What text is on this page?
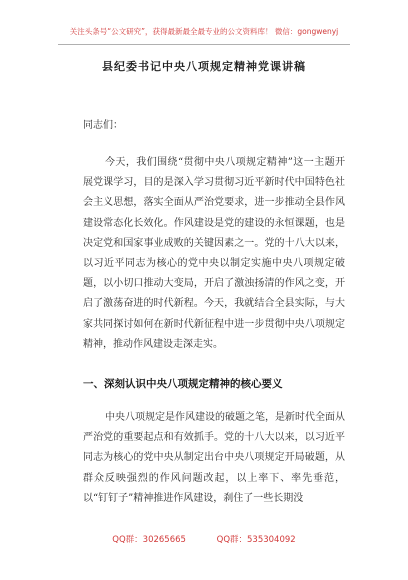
关注头条号“公文研究”，获得最新最全最专业的公文资料库！ 微信：gongwenyj
县纪委书记中央八项规定精神党课讲稿
同志们：
今天，我们围绕“贯彻中央八项规定精神”这一主题开展党课学习，目的是深入学习贯彻习近平新时代中国特色社会主义思想，落实全面从严治党要求，进一步推动全县作风建设常态化长效化。作风建设是党的建设的永恒课题，也是决定党和国家事业成败的关键因素之一。党的十八大以来，以习近平同志为核心的党中央以制定实施中央八项规定破题，以小切口推动大变局，开启了激浊扬清的作风之变，开启了激荡奋进的时代新程。今天，我就结合全县实际，与大家共同探讨如何在新时代新征程中进一步贯彻中央八项规定精神，推动作风建设走深走实。
一、深刻认识中央八项规定精神的核心要义
中央八项规定是作风建设的破题之笔，是新时代全面从严治党的重要起点和有效抓手。党的十八大以来，以习近平同志为核心的党中央从制定出台中央八项规定开局破题，从群众反映强烈的作风问题改起，以上率下、率先垂范，以“钉钉子”精神推进作风建设，刹住了一些长期没
QQ群：30265665	QQ群：535304092
